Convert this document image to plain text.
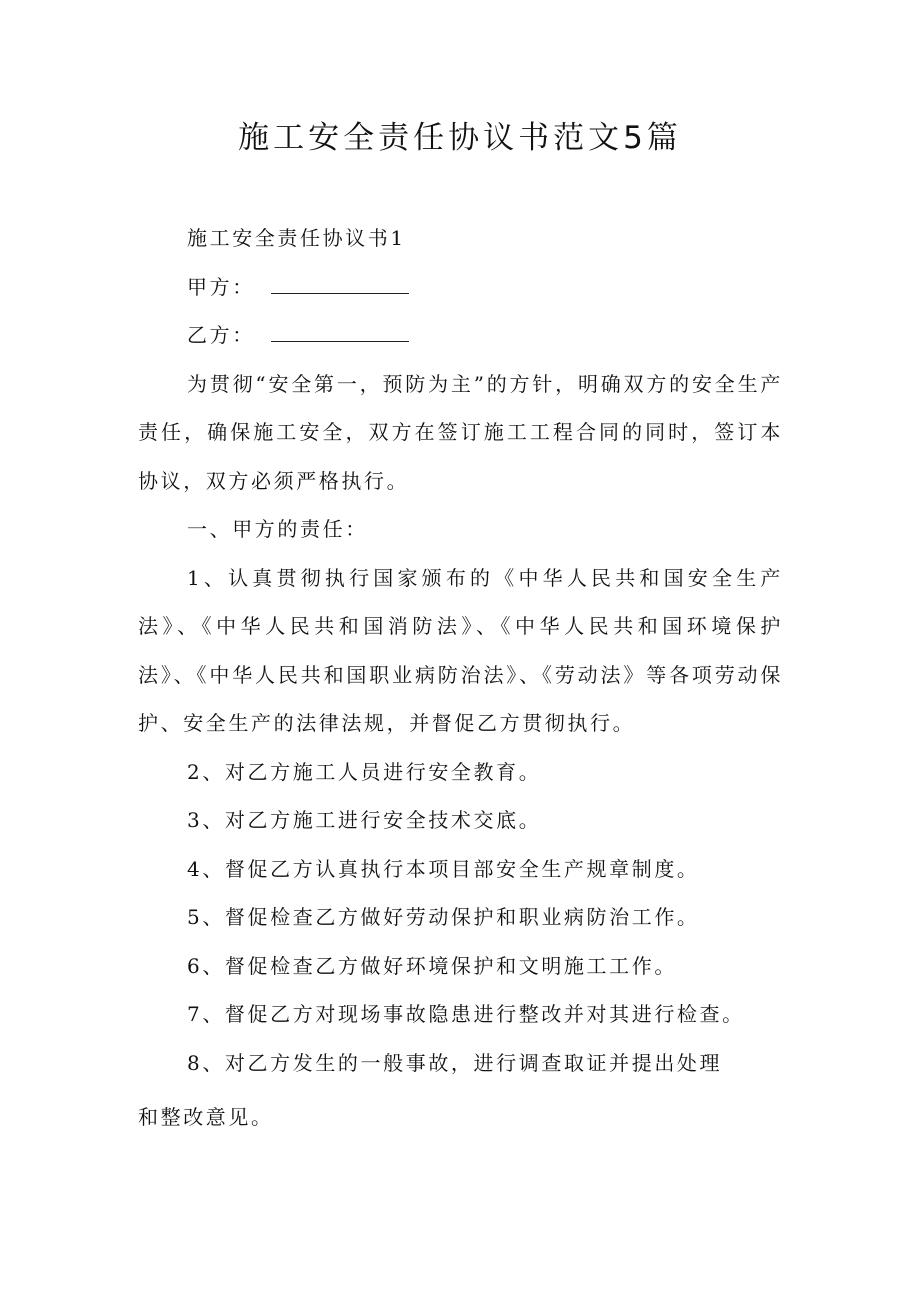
施工安全责任协议书范文5篇

施工安全责任协议书1

甲方：

乙方：

为贯彻“安全第一，预防为主”的方针，明确双方的安全生产责任，确保施工安全，双方在签订施工工程合同的同时，签订本协议，双方必须严格执行。

一、甲方的责任：

1、认真贯彻执行国家颁布的《中华人民共和国安全生产法》、《中华人民共和国消防法》、《中华人民共和国环境保护法》、《中华人民共和国职业病防治法》、《劳动法》等各项劳动保护、安全生产的法律法规，并督促乙方贯彻执行。

2、对乙方施工人员进行安全教育。

3、对乙方施工进行安全技术交底。

4、督促乙方认真执行本项目部安全生产规章制度。

5、督促检查乙方做好劳动保护和职业病防治工作。

6、督促检查乙方做好环境保护和文明施工工作。

7、督促乙方对现场事故隐患进行整改并对其进行检查。

8、对乙方发生的一般事故，进行调查取证并提出处理

和整改意见。
